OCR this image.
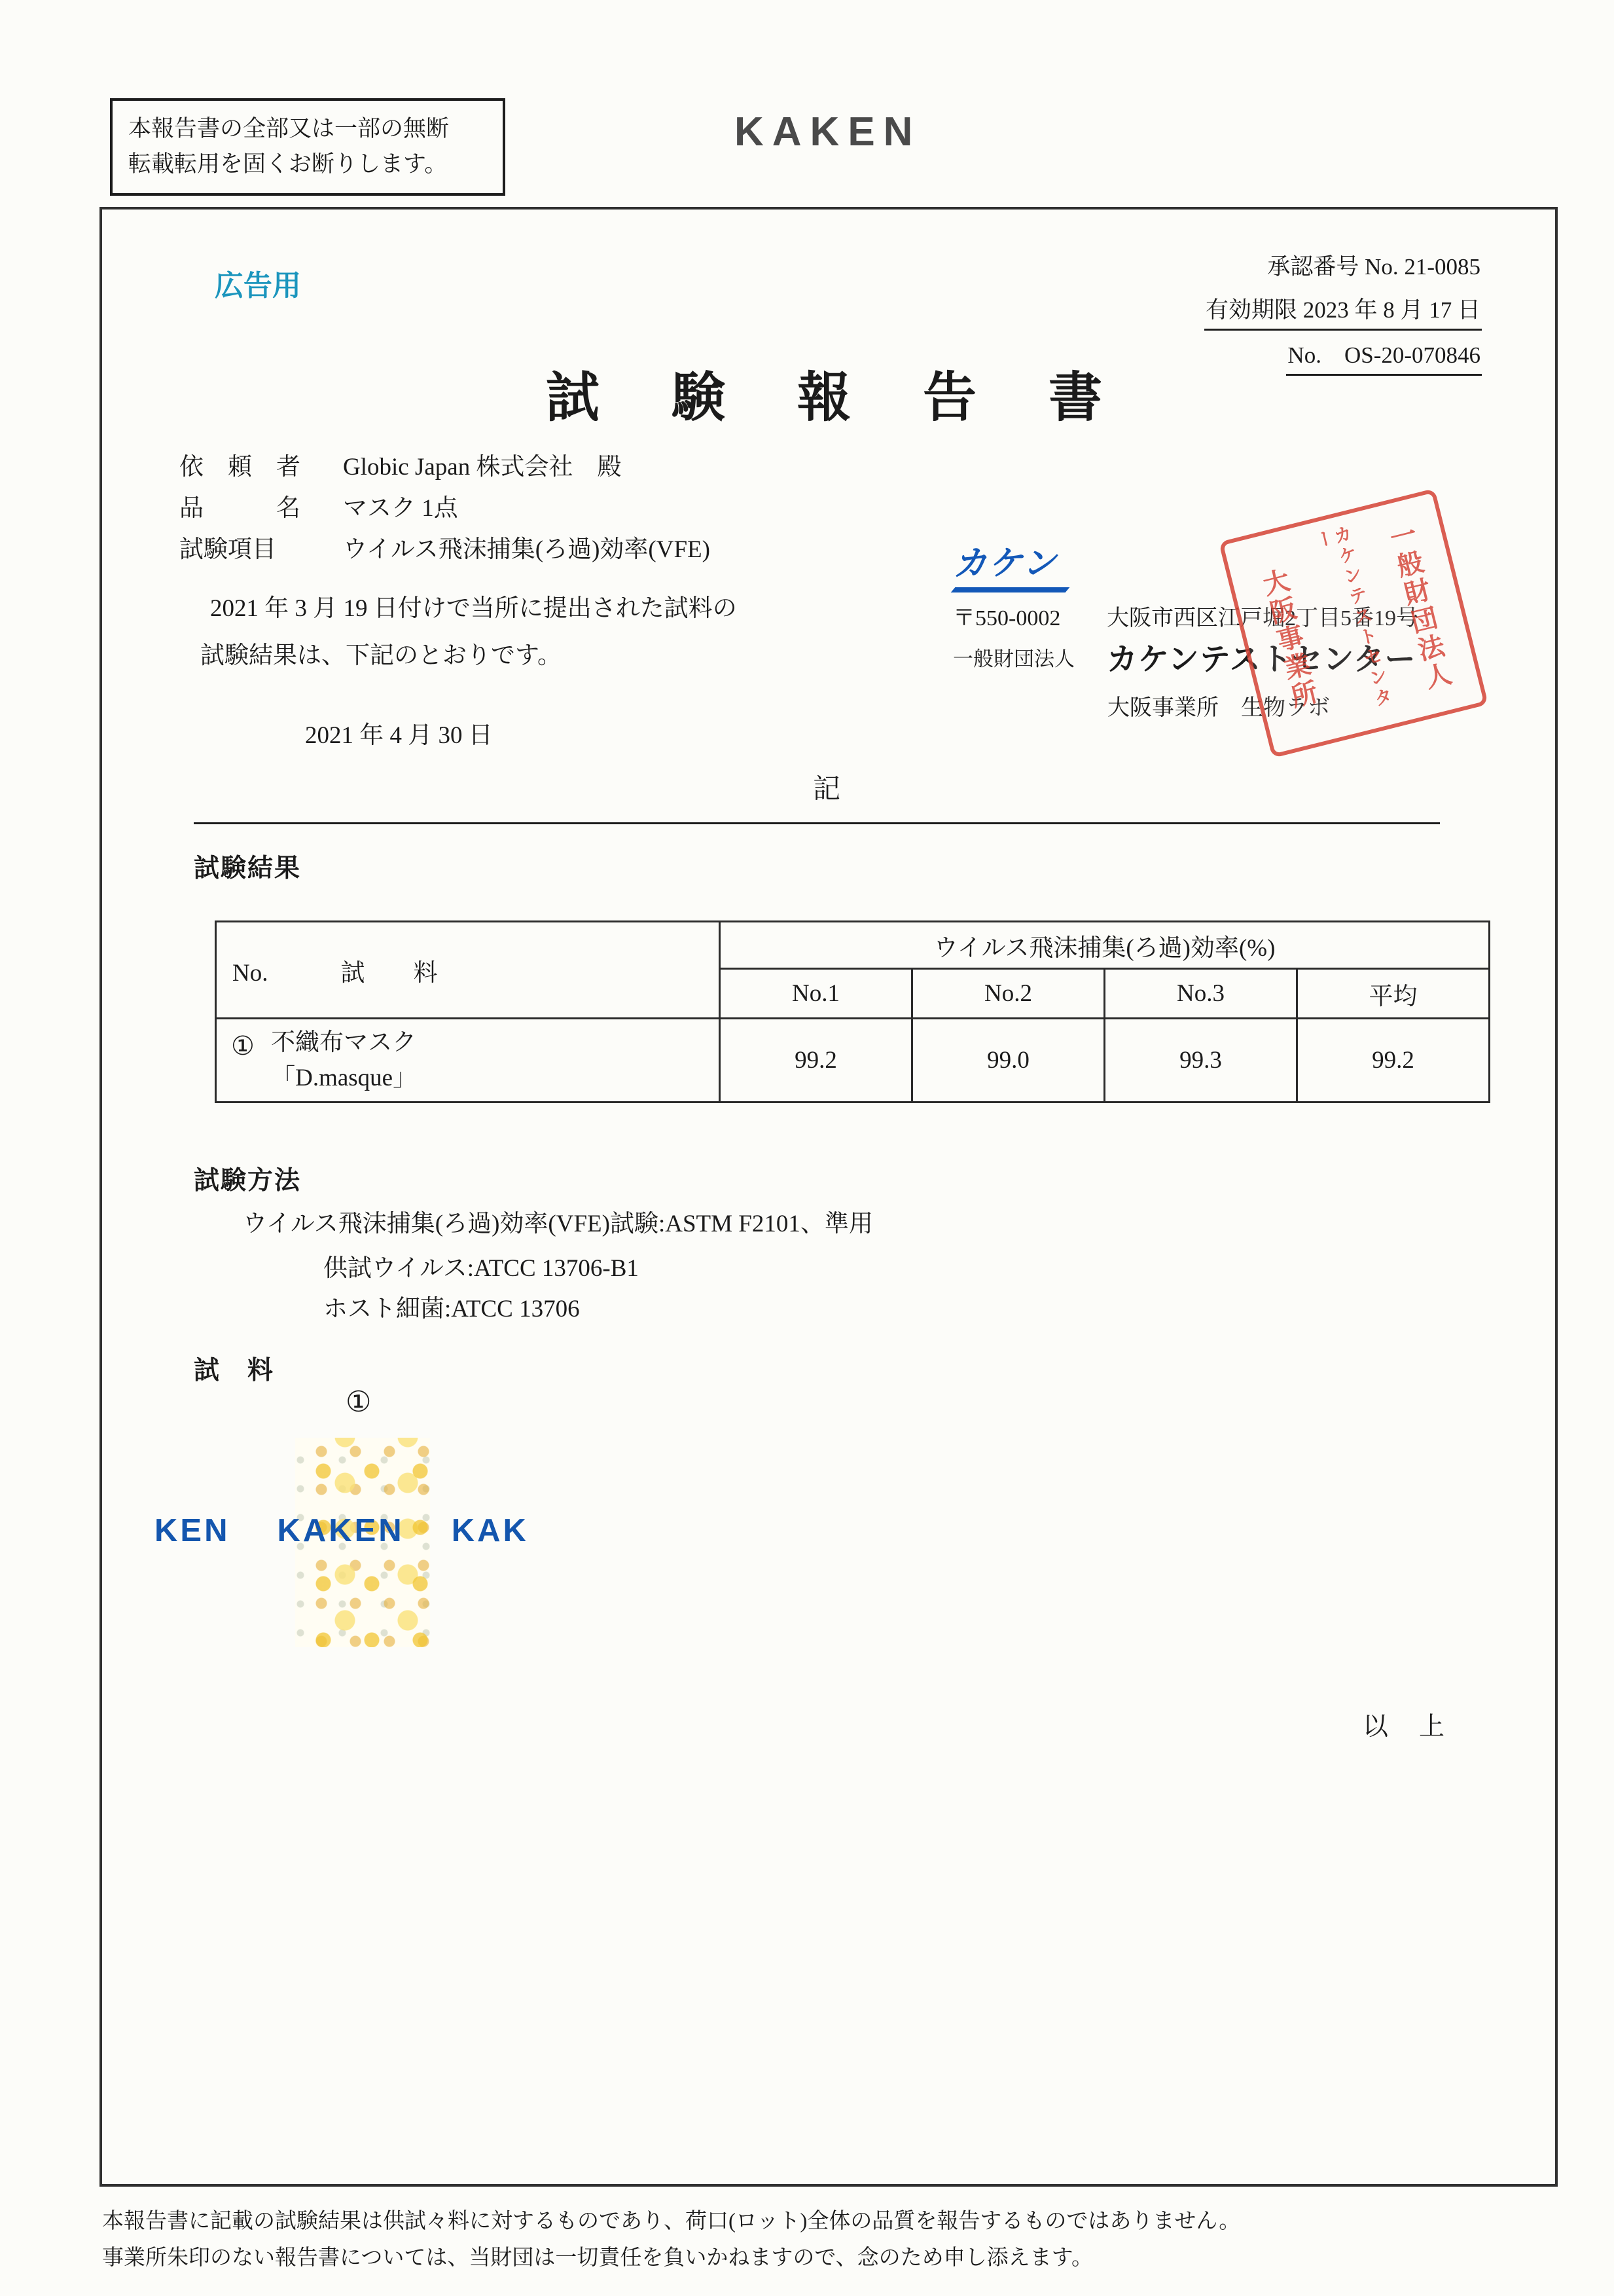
本報告書の全部又は一部の無断
転載転用を固くお断りします。
KAKEN
広告用
承認番号 No. 21-0085
有効期限 2023 年 8 月 17 日
No.　OS-20-070846
試　験　報　告　書
依　頼　者	Globic Japan 株式会社　殿
品　　　名	マスク 1点
試験項目	ウイルス飛沫捕集(ろ過)効率(VFE)
2021 年 3 月 19 日付けで当所に提出された試料の
試験結果は、下記のとおりです。
2021 年 4 月 30 日
カケン
〒550-0002	大阪市西区江戸堀2丁目5番19号
一般財団法人	カケンテストセンター
大阪事業所　生物ラボ
一般財団法人
カケンテストセンター
大阪事業所
記
試験結果
No.　　　試　　料	ウイルス飛沫捕集(ろ過)効率(%)			
	No.1	No.2	No.3	平均
① 不織布マスク
「D.masque」	99.2	99.0	99.3	99.2
試験方法
ウイルス飛沫捕集(ろ過)効率(VFE)試験:ASTM F2101、準用
供試ウイルス:ATCC 13706-B1
ホスト細菌:ATCC 13706
試　料
①
KEN KAKEN KAK
以　上
本報告書に記載の試験結果は供試々料に対するものであり、荷口(ロット)全体の品質を報告するものではありません。
事業所朱印のない報告書については、当財団は一切責任を負いかねますので、念のため申し添えます。
